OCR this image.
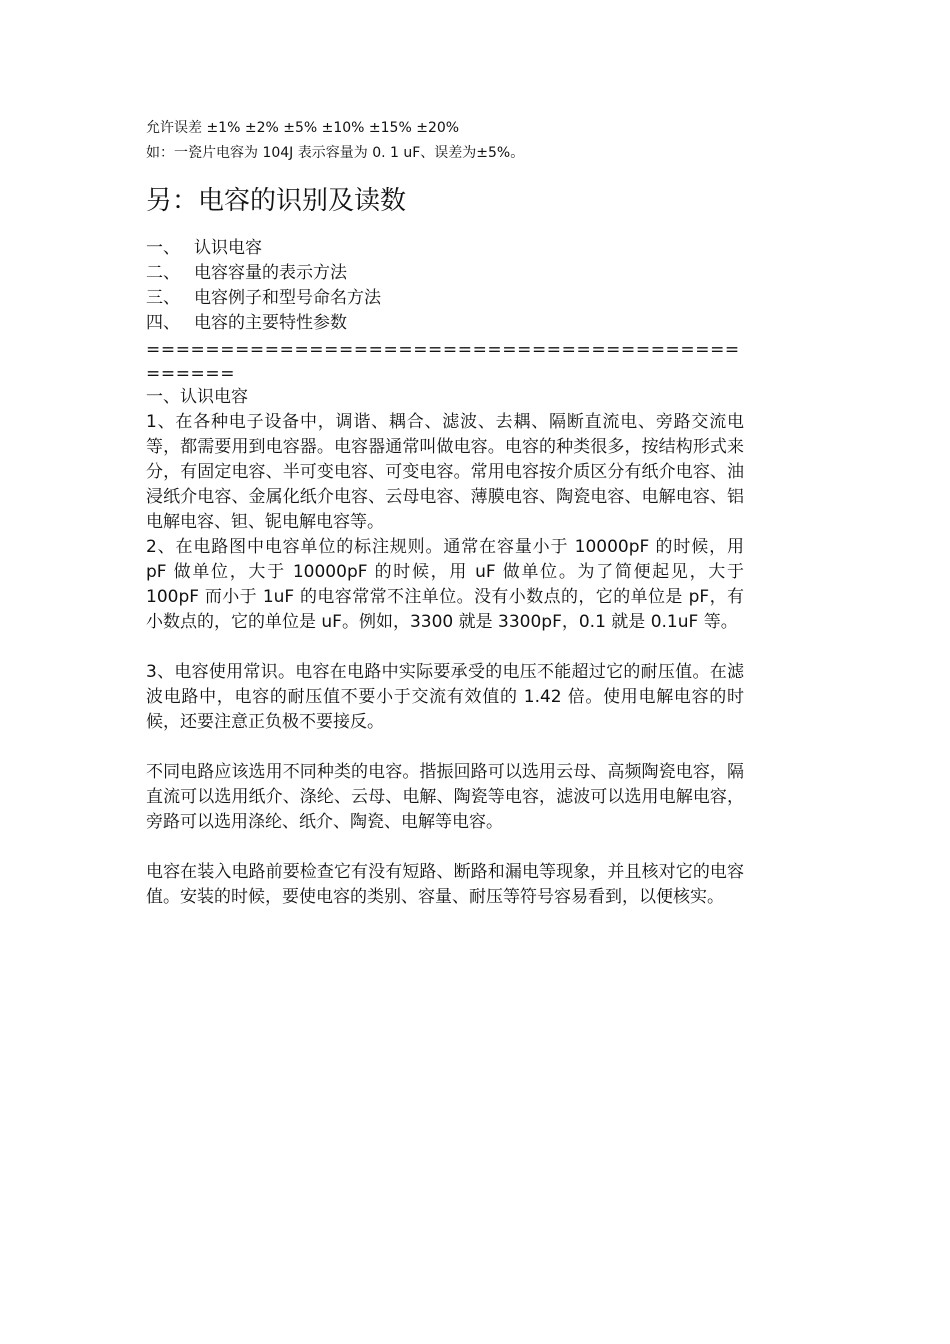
允许误差 ±1% ±2% ±5% ±10% ±15% ±20%
如：一瓷片电容为 104J 表示容量为 0. 1 uF、误差为±5%。
另：电容的识别及读数
一、 认识电容
二、 电容容量的表示方法
三、 电容例子和型号命名方法
四、 电容的主要特性参数
==============================================

一、认识电容

1、在各种电子设备中，调谐、耦合、滤波、去耦、隔断直流电、旁路交流电等，都需要用到电容器。电容器通常叫做电容。电容的种类很多，按结构形式来分，有固定电容、半可变电容、可变电容。常用电容按介质区分有纸介电容、油浸纸介电容、金属化纸介电容、云母电容、薄膜电容、陶瓷电容、电解电容、铝电解电容、钽、铌电解电容等。

2、在电路图中电容单位的标注规则。通常在容量小于 10000pF 的时候，用 pF 做单位，大于 10000pF 的时候，用 uF 做单位。为了简便起见，大于 100pF 而小于 1uF 的电容常常不注单位。没有小数点的，它的单位是 pF，有小数点的，它的单位是 uF。例如，3300 就是 3300pF，0.1 就是 0.1uF 等。

3、电容使用常识。电容在电路中实际要承受的电压不能超过它的耐压值。在滤波电路中，电容的耐压值不要小于交流有效值的 1.42 倍。使用电解电容的时候，还要注意正负极不要接反。

不同电路应该选用不同种类的电容。揩振回路可以选用云母、高频陶瓷电容，隔直流可以选用纸介、涤纶、云母、电解、陶瓷等电容，滤波可以选用电解电容，旁路可以选用涤纶、纸介、陶瓷、电解等电容。

电容在装入电路前要检查它有没有短路、断路和漏电等现象，并且核对它的电容值。安装的时候，要使电容的类别、容量、耐压等符号容易看到，以便核实。
